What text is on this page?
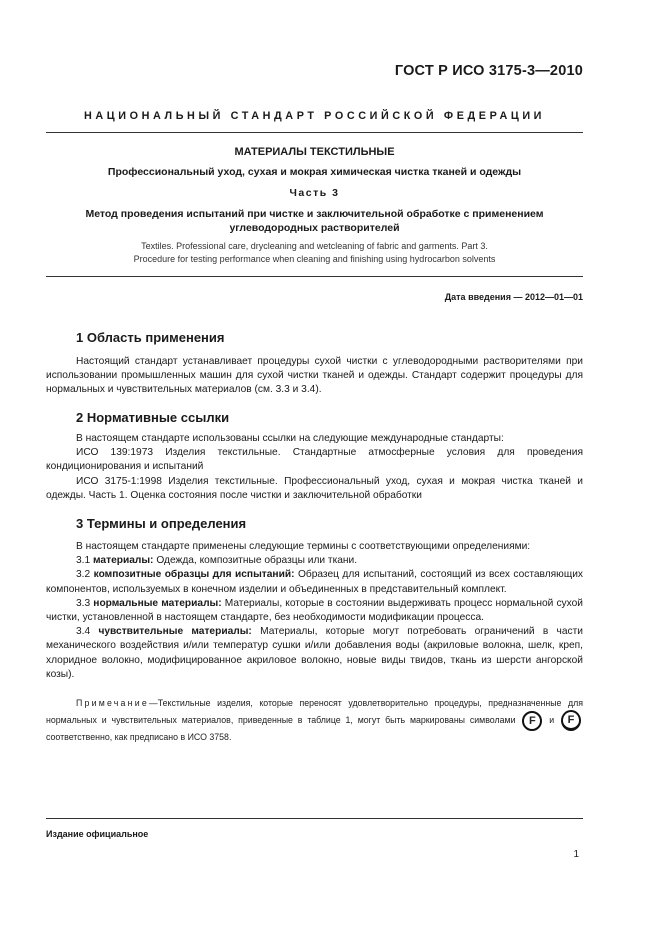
ГОСТ Р ИСО 3175-3—2010
НАЦИОНАЛЬНЫЙ СТАНДАРТ РОССИЙСКОЙ ФЕДЕРАЦИИ
МАТЕРИАЛЫ ТЕКСТИЛЬНЫЕ
Профессиональный уход, сухая и мокрая химическая чистка тканей и одежды
Часть 3
Метод проведения испытаний при чистке и заключительной обработке с применением
углеводородных растворителей
Textiles. Professional care, drycleaning and wetcleaning of fabric and garments. Part 3.
Procedure for testing performance when cleaning and finishing using hydrocarbon solvents
Дата введения — 2012—01—01
1 Область применения

Настоящий стандарт устанавливает процедуры сухой чистки с углеводородными растворителями при использовании промышленных машин для сухой чистки тканей и одежды. Стандарт содержит процедуры для нормальных и чувствительных материалов (см. 3.3 и 3.4).

2 Нормативные ссылки

В настоящем стандарте использованы ссылки на следующие международные стандарты:

ИСО 139:1973 Изделия текстильные. Стандартные атмосферные условия для проведения кондиционирования и испытаний

ИСО 3175-1:1998 Изделия текстильные. Профессиональный уход, сухая и мокрая чистка тканей и одежды. Часть 1. Оценка состояния после чистки и заключительной обработки

3 Термины и определения

В настоящем стандарте применены следующие термины с соответствующими определениями:

3.1 материалы: Одежда, композитные образцы или ткани.

3.2 композитные образцы для испытаний: Образец для испытаний, состоящий из всех составляющих компонентов, используемых в конечном изделии и объединенных в представительный комплект.

3.3 нормальные материалы: Материалы, которые в состоянии выдерживать процесс нормальной сухой чистки, установленной в настоящем стандарте, без необходимости модификации процесса.

3.4 чувствительные материалы: Материалы, которые могут потребовать ограничений в части механического воздействия и/или температур сушки и/или добавления воды (акриловые волокна, шелк, креп, хлоридное волокно, модифицированное акриловое волокно, новые виды твидов, ткань из шерсти ангорской козы).

Примечание—Текстильные изделия, которые переносят удовлетворительно процедуры, предназначенные для нормальных и чувствительных материалов, приведенные в таблице 1, могут быть маркированы символами F и F соответственно, как предписано в ИСО 3758.
Издание официальное
1
